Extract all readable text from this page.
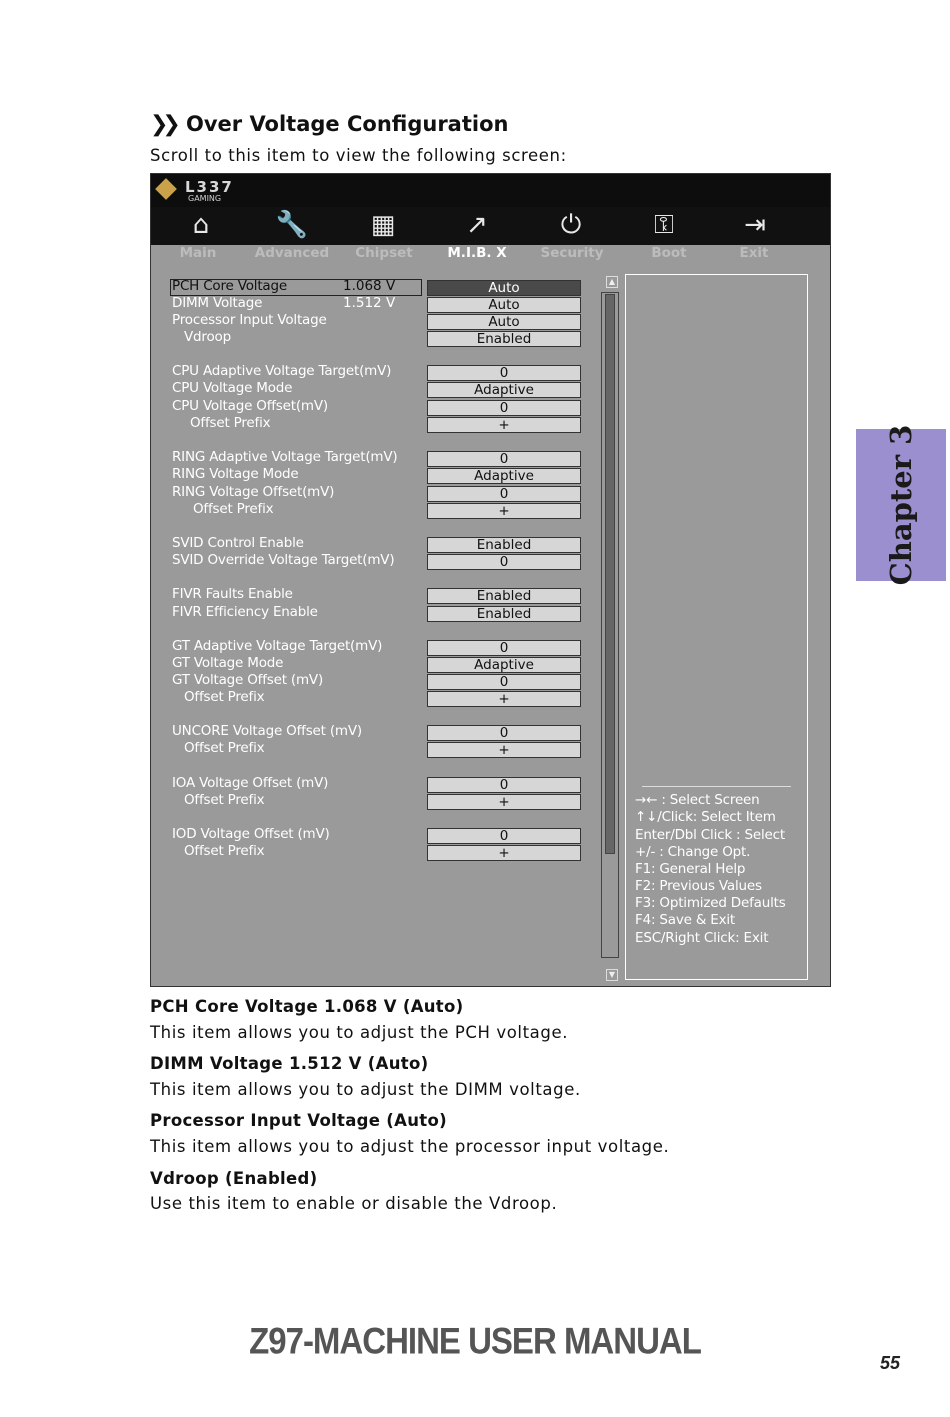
❯❯ Over Voltage Configuration
Scroll to this item to view the following screen:
L337
GAMING
⌂	🔧 ▦	↗	⏻	⚿	⇥
Main	Advanced	Chipset	M.I.B. X	Security	Boot	Exit
PCH Core Voltage	1.068 V	Auto
DIMM Voltage	1.512 V	Auto
Processor Input Voltage	Auto
Vdroop	Enabled
CPU Adaptive Voltage Target(mV)	0
CPU Voltage Mode	Adaptive
CPU Voltage Offset(mV)	0
Offset Prefix	+
RING Adaptive Voltage Target(mV)	0
RING Voltage Mode	Adaptive
RING Voltage Offset(mV)	0
Offset Prefix	+
SVID Control Enable	Enabled
SVID Override Voltage Target(mV)	0
FIVR Faults Enable	Enabled
FIVR Efficiency Enable	Enabled
GT Adaptive Voltage Target(mV)	0
GT Voltage Mode	Adaptive
GT Voltage Offset (mV)	0
Offset Prefix	+
UNCORE Voltage Offset (mV)	0
Offset Prefix	+
IOA Voltage Offset (mV)	0
Offset Prefix	+
IOD Voltage Offset (mV)	0
Offset Prefix	+
▲
▼
→← : Select Screen
↑↓/Click: Select Item
Enter/Dbl Click : Select
+/- : Change Opt.
F1: General Help
F2: Previous Values
F3: Optimized Defaults
F4: Save & Exit
ESC/Right Click: Exit
Chapter 3
PCH Core Voltage 1.068 V (Auto)
This item allows you to adjust the PCH voltage.
DIMM Voltage 1.512 V (Auto)
This item allows you to adjust the DIMM voltage.
Processor Input Voltage (Auto)
This item allows you to adjust the processor input voltage.
Vdroop (Enabled)
Use this item to enable or disable the Vdroop.
Z97-MACHINE USER MANUAL
55
